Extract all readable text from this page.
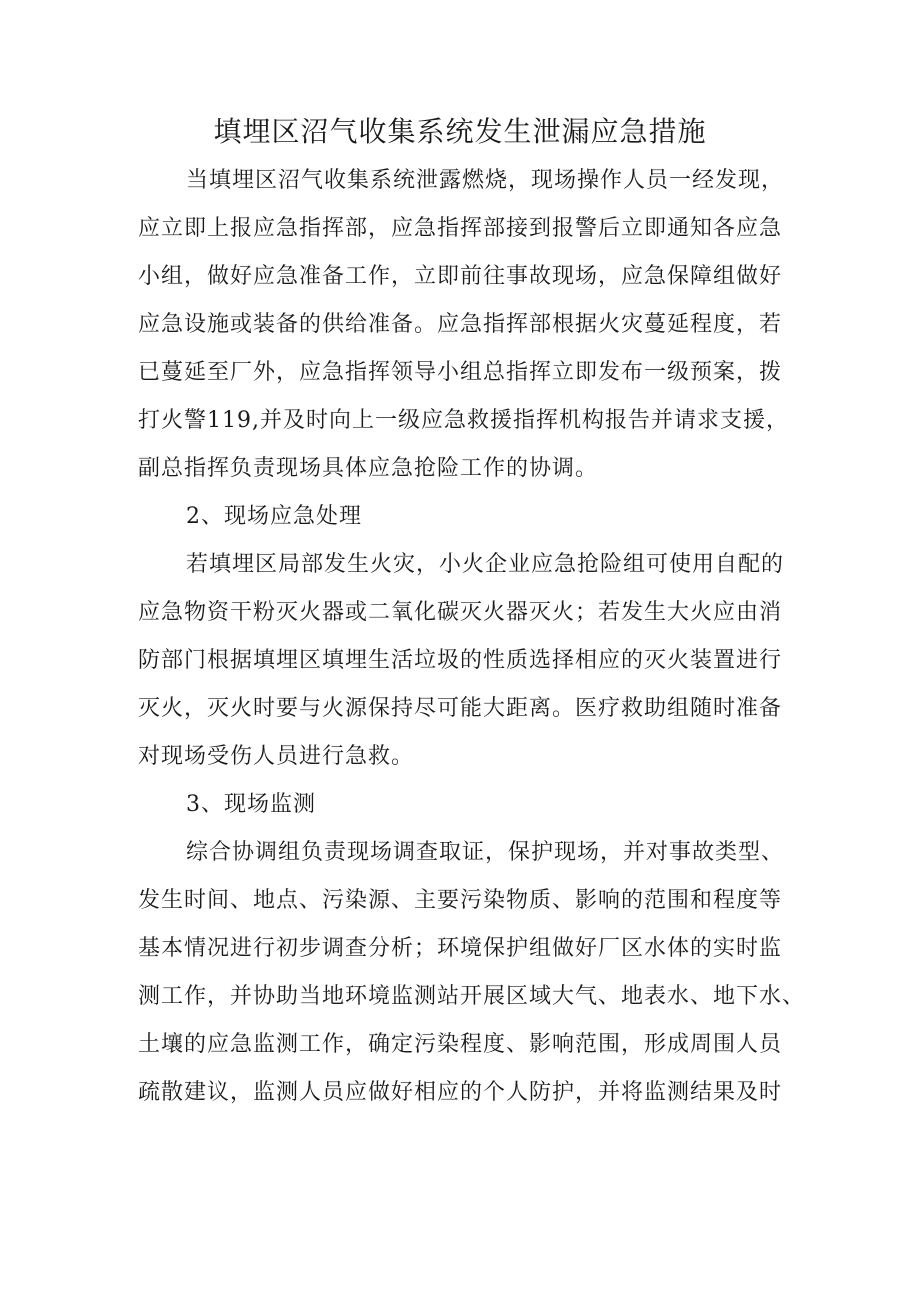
填埋区沼气收集系统发生泄漏应急措施
当填埋区沼气收集系统泄露燃烧，现场操作人员一经发现，
应立即上报应急指挥部，应急指挥部接到报警后立即通知各应急
小组，做好应急准备工作，立即前往事故现场，应急保障组做好
应急设施或装备的供给准备。应急指挥部根据火灾蔓延程度，若
已蔓延至厂外，应急指挥领导小组总指挥立即发布一级预案，拨
打火警119,并及时向上一级应急救援指挥机构报告并请求支援，
副总指挥负责现场具体应急抢险工作的协调。
2、现场应急处理
若填埋区局部发生火灾，小火企业应急抢险组可使用自配的
应急物资干粉灭火器或二氧化碳灭火器灭火；若发生大火应由消
防部门根据填埋区填埋生活垃圾的性质选择相应的灭火装置进行
灭火，灭火时要与火源保持尽可能大距离。医疗救助组随时准备
对现场受伤人员进行急救。
3、现场监测
综合协调组负责现场调查取证，保护现场，并对事故类型、
发生时间、地点、污染源、主要污染物质、影响的范围和程度等
基本情况进行初步调查分析；环境保护组做好厂区水体的实时监
测工作，并协助当地环境监测站开展区域大气、地表水、地下水、
土壤的应急监测工作，确定污染程度、影响范围，形成周围人员
疏散建议，监测人员应做好相应的个人防护，并将监测结果及时
